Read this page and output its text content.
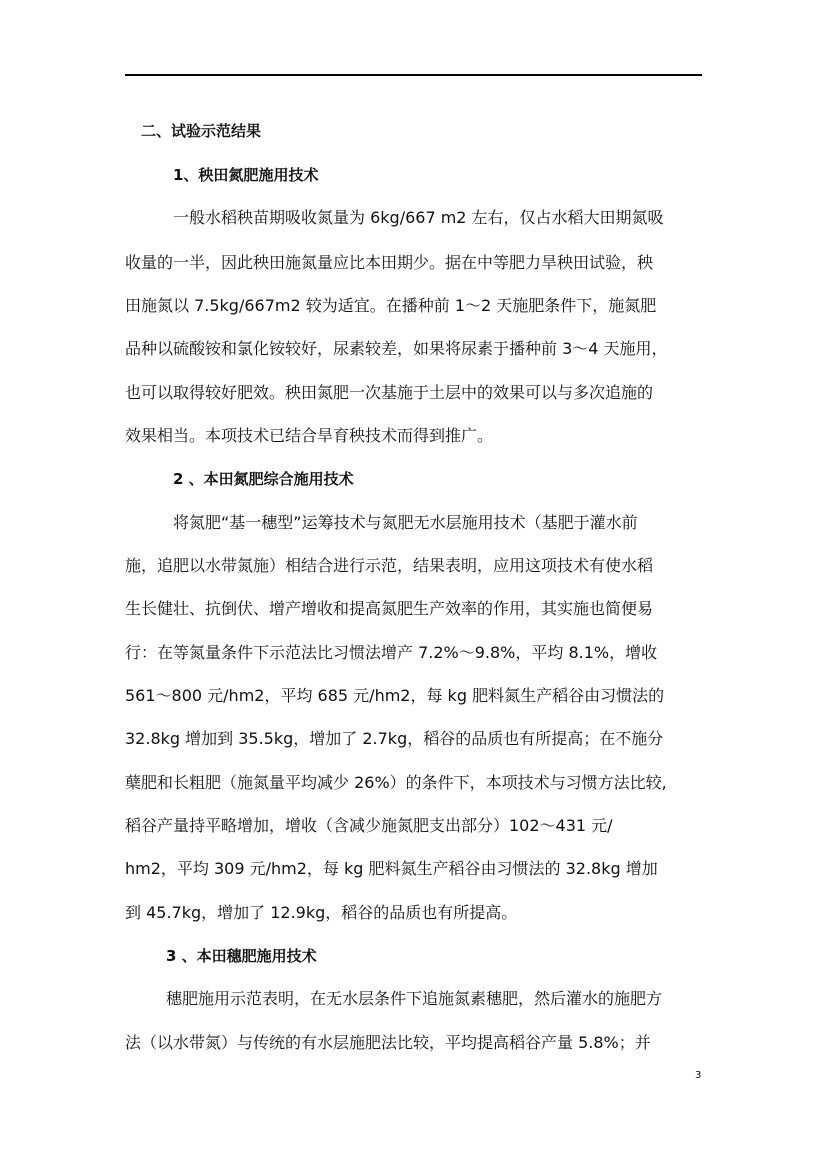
二、试验示范结果
1、秧田氮肥施用技术

一般水稻秧苗期吸收氮量为 6kg/667 m2 左右，仅占水稻大田期氮吸

收量的一半，因此秧田施氮量应比本田期少。据在中等肥力旱秧田试验，秧

田施氮以 7.5kg/667m2 较为适宜。在播种前 1～2 天施肥条件下，施氮肥

品种以硫酸铵和氯化铵较好，尿素较差，如果将尿素于播种前 3～4 天施用，

也可以取得较好肥效。秧田氮肥一次基施于土层中的效果可以与多次追施的

效果相当。本项技术已结合旱育秧技术而得到推广。

2 、本田氮肥综合施用技术

将氮肥“基一穗型”运筹技术与氮肥无水层施用技术（基肥于灌水前

施，追肥以水带氮施）相结合进行示范，结果表明，应用这项技术有使水稻

生长健壮、抗倒伏、增产增收和提高氮肥生产效率的作用，其实施也简便易

行：在等氮量条件下示范法比习惯法增产 7.2%～9.8%，平均 8.1%，增收

561～800 元/hm2，平均 685 元/hm2，每 kg 肥料氮生产稻谷由习惯法的

32.8kg 增加到 35.5kg，增加了 2.7kg，稻谷的品质也有所提高；在不施分

蘖肥和长粗肥（施氮量平均减少 26%）的条件下，本项技术与习惯方法比较,

稻谷产量持平略增加，增收（含减少施氮肥支出部分）102～431 元/

hm2，平均 309 元/hm2，每 kg 肥料氮生产稻谷由习惯法的 32.8kg 增加

到 45.7kg，增加了 12.9kg，稻谷的品质也有所提高。

3 、本田穗肥施用技术

穗肥施用示范表明，在无水层条件下追施氮素穗肥，然后灌水的施肥方

法（以水带氮）与传统的有水层施肥法比较，平均提高稻谷产量 5.8%；并

3
